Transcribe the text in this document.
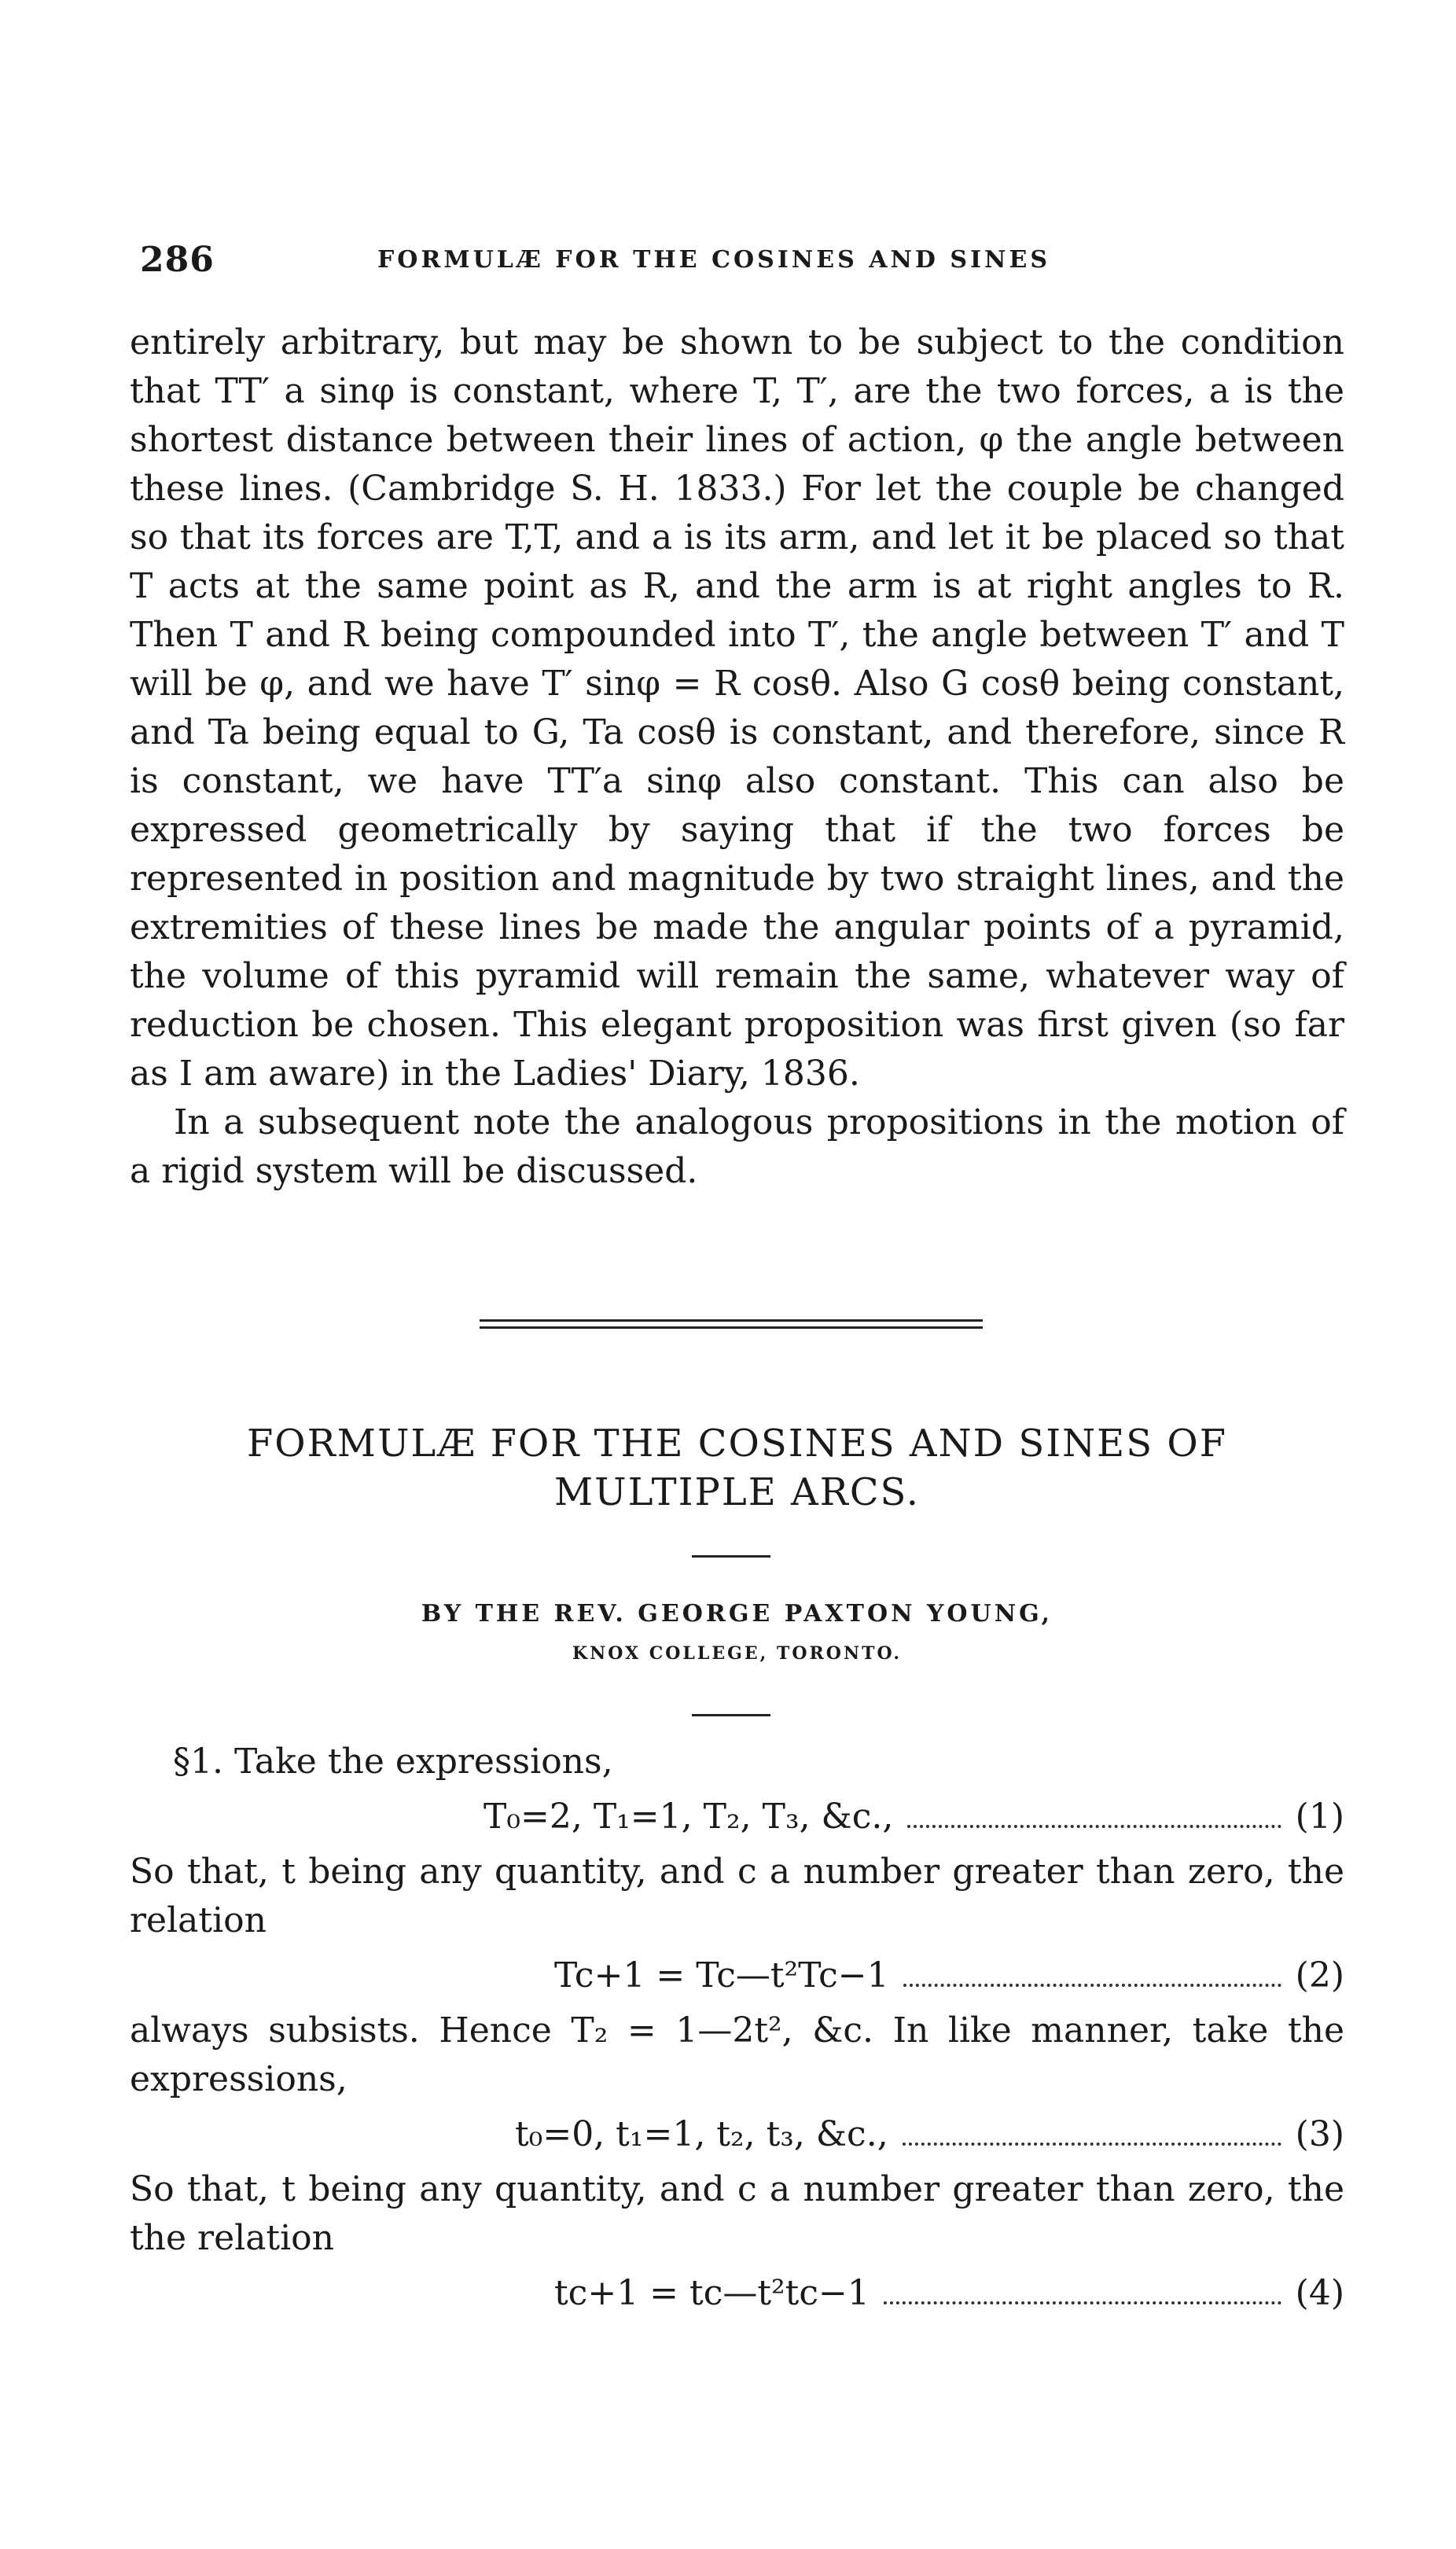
286	FORMULÆ FOR THE COSINES AND SINES

entirely arbitrary, but may be shown to be subject to the condition that TT′ a sinφ is constant, where T, T′, are the two forces, a is the shortest distance between their lines of action, φ the angle between these lines. (Cambridge S. H. 1833.) For let the couple be changed so that its forces are T,T, and a is its arm, and let it be placed so that T acts at the same point as R, and the arm is at right angles to R. Then T and R being compounded into T′, the angle between T′ and T will be φ, and we have T′ sinφ = R cosθ. Also G cosθ being constant, and Ta being equal to G, Ta cosθ is constant, and therefore, since R is constant, we have TT′a sinφ also constant. This can also be expressed geometrically by saying that if the two forces be represented in position and magnitude by two straight lines, and the extremities of these lines be made the angular points of a pyramid, the volume of this pyramid will remain the same, whatever way of reduction be chosen. This elegant proposition was first given (so far as I am aware) in the Ladies' Diary, 1836.

In a subsequent note the analogous propositions in the motion of a rigid system will be discussed.

FORMULÆ FOR THE COSINES AND SINES OF

MULTIPLE ARCS.

BY THE REV. GEORGE PAXTON YOUNG,
KNOX COLLEGE, TORONTO.

§1. Take the expressions,

T₀=2, T₁=1, T₂, T₃, &c.,	(1)

So that, t being any quantity, and c a number greater than zero, the relation

Tc+1 = Tc—t²Tc−1	(2)

always subsists. Hence T₂ = 1—2t², &c. In like manner, take the expressions,

t₀=0, t₁=1, t₂, t₃, &c.,	(3)

So that, t being any quantity, and c a number greater than zero, the the relation

tc+1 = tc—t²tc−1	(4)
